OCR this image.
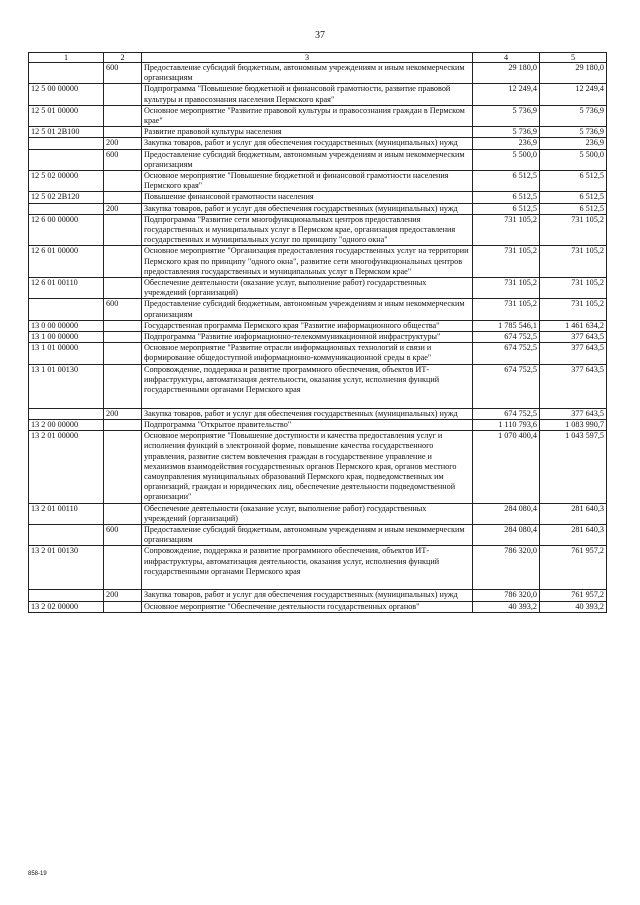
37
1	2	3	4	5
	600	Предоставление субсидий бюджетным, автономным учреждениям и иным некоммерческим организациям	29 180,0	29 180,0
12 5 00 00000		Подпрограмма "Повышение бюджетной и финансовой грамотности, развитие правовой культуры и правосознания населения Пермского края"	12 249,4	12 249,4
12 5 01 00000		Основное мероприятие "Развитие правовой культуры и правосознания граждан в Пермском крае"	5 736,9	5 736,9
12 5 01 2В100		Развитие правовой культуры населения	5 736,9	5 736,9
	200	Закупка товаров, работ и услуг для обеспечения государственных (муниципальных) нужд	236,9	236,9
	600	Предоставление субсидий бюджетным, автономным учреждениям и иным некоммерческим организациям	5 500,0	5 500,0
12 5 02 00000		Основное мероприятие "Повышение бюджетной и финансовой грамотности населения Пермского края"	6 512,5	6 512,5
12 5 02 2В120		Повышение финансовой грамотности населения	6 512,5	6 512,5
	200	Закупка товаров, работ и услуг для обеспечения государственных (муниципальных) нужд	6 512,5	6 512,5
12 6 00 00000		Подпрограмма "Развитие сети многофункциональных центров предоставления государственных и муниципальных услуг в Пермском крае, организация предоставления государственных и муниципальных услуг по принципу "одного окна"	731 105,2	731 105,2
12 6 01 00000		Основное мероприятие "Организация предоставления государственных услуг на территории Пермского края по принципу "одного окна", развитие сети многофункциональных центров предоставления государственных и муниципальных услуг в Пермском крае"	731 105,2	731 105,2
12 6 01 00110		Обеспечение деятельности (оказание услуг, выполнение работ) государственных учреждений (организаций)	731 105,2	731 105,2
	600	Предоставление субсидий бюджетным, автономным учреждениям и иным некоммерческим организациям	731 105,2	731 105,2
13 0 00 00000		Государственная программа Пермского края "Развитие информационного общества"	1 785 546,1	1 461 634,2
13 1 00 00000		Подпрограмма "Развитие информационно-телекоммуникационной инфраструктуры"	674 752,5	377 643,5
13 1 01 00000		Основное мероприятие "Развитие отрасли информационных технологий и связи и формирование общедоступной информационно-коммуникационной среды в крае"	674 752,5	377 643,5
13 1 01 00130		Сопровождение, поддержка и развитие программного обеспечения, объектов ИТ-инфраструктуры, автоматизация деятельности, оказания услуг, исполнения функций государственными органами Пермского края	674 752,5	377 643,5
	200	Закупка товаров, работ и услуг для обеспечения государственных (муниципальных) нужд	674 752,5	377 643,5
13 2 00 00000		Подпрограмма "Открытое правительство"	1 110 793,6	1 083 990,7
13 2 01 00000		Основное мероприятие "Повышение доступности и качества предоставления услуг и исполнения функций в электронной форме, повышение качества государственного управления, развитие систем вовлечения граждан в государственное управление и механизмов взаимодействия государственных органов Пермского края, органов местного самоуправления муниципальных образований Пермского края, подведомственных им организаций, граждан и юридических лиц, обеспечение деятельности подведомственной организации"	1 070 400,4	1 043 597,5
13 2 01 00110		Обеспечение деятельности (оказание услуг, выполнение работ) государственных учреждений (организаций)	284 080,4	281 640,3
	600	Предоставление субсидий бюджетным, автономным учреждениям и иным некоммерческим организациям	284 080,4	281 640,3
13 2 01 00130		Сопровождение, поддержка и развитие программного обеспечения, объектов ИТ-инфраструктуры, автоматизация деятельности, оказания услуг, исполнения функций государственными органами Пермского края	786 320,0	761 957,2
	200	Закупка товаров, работ и услуг для обеспечения государственных (муниципальных) нужд	786 320,0	761 957,2
13 2 02 00000		Основное мероприятие "Обеспечение деятельности государственных органов"	40 393,2	40 393,2
858-19
